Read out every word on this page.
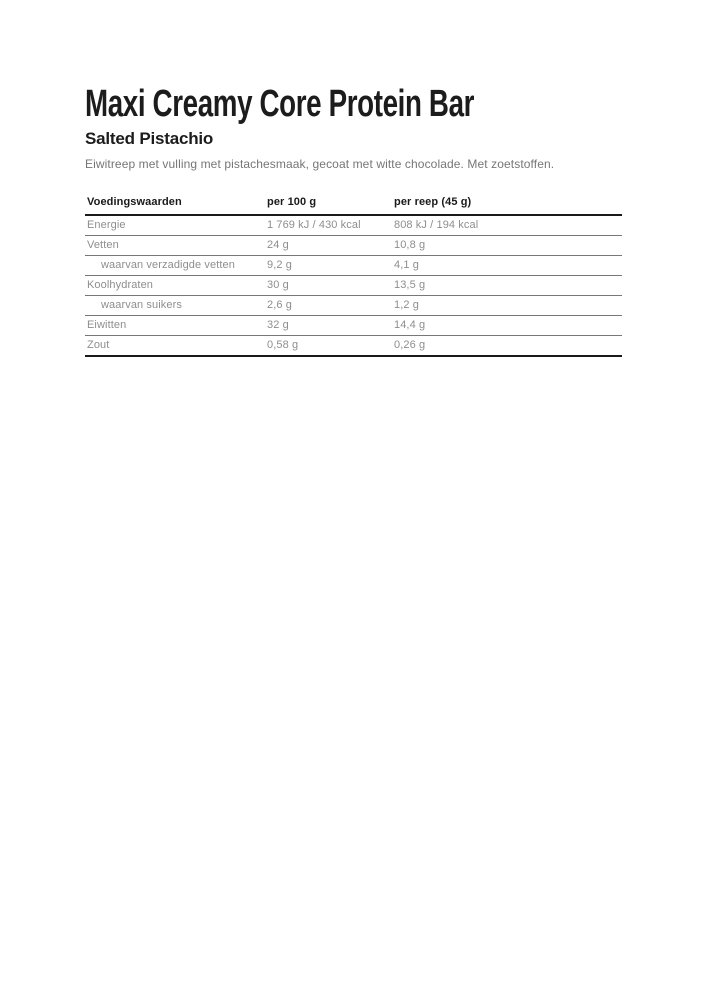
Maxi Creamy Core Protein Bar
Salted Pistachio

Eiwitreep met vulling met pistachesmaak, gecoat met witte chocolade. Met zoetstoffen.

Voedingswaarden	per 100 g	per reep (45 g)
Energie	1 769 kJ / 430 kcal	808 kJ / 194 kcal
Vetten	24 g	10,8 g
waarvan verzadigde vetten	9,2 g	4,1 g
Koolhydraten	30 g	13,5 g
waarvan suikers	2,6 g	1,2 g
Eiwitten	32 g	14,4 g
Zout	0,58 g	0,26 g
